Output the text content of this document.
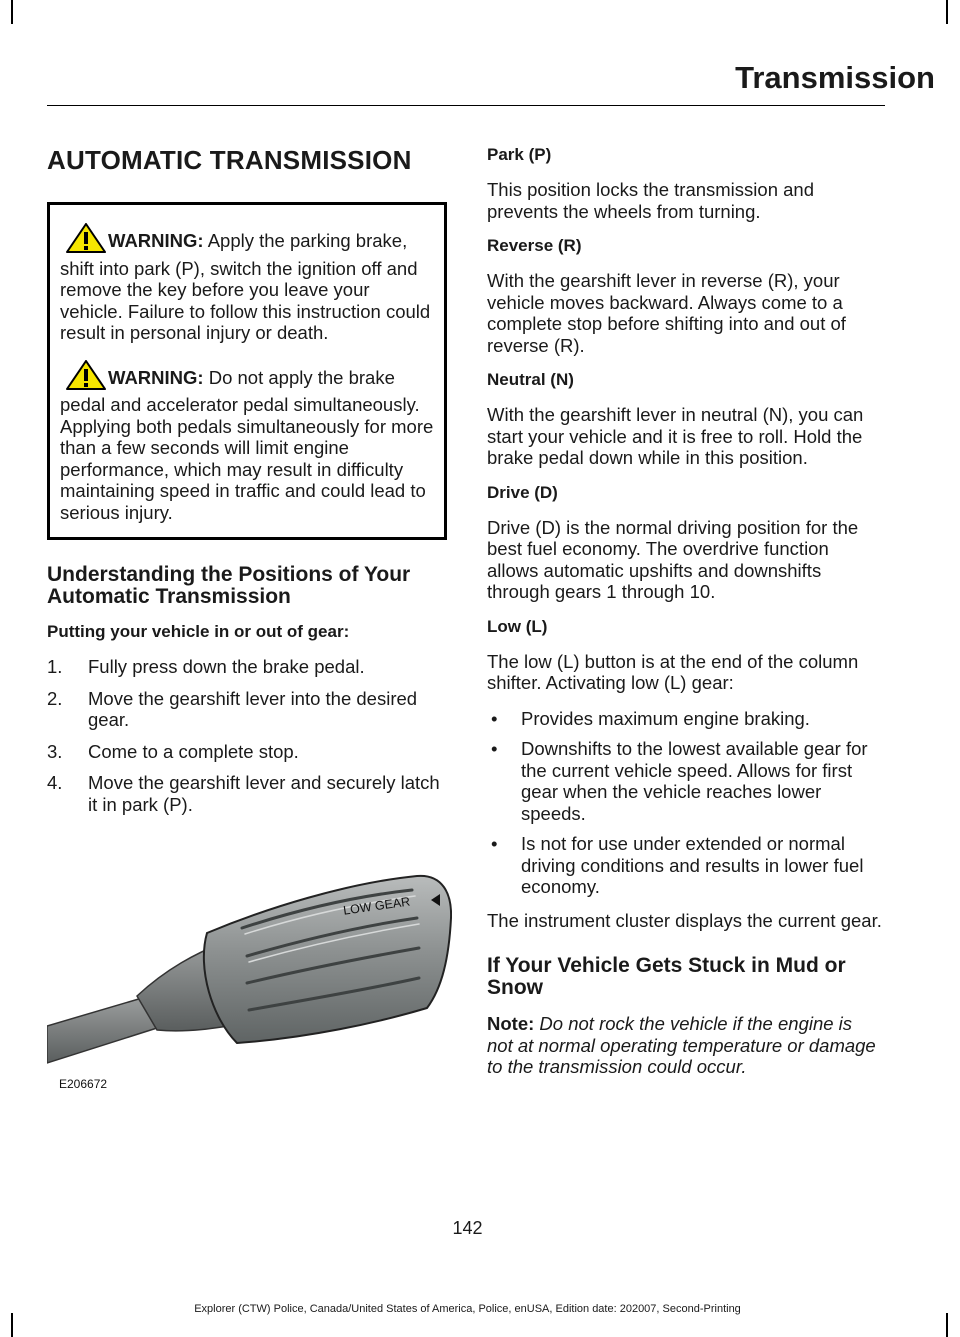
Transmission
AUTOMATIC TRANSMISSION

WARNING: Apply the parking brake, shift into park (P), switch the ignition off and remove the key before you leave your vehicle. Failure to follow this instruction could result in personal injury or death.

WARNING: Do not apply the brake pedal and accelerator pedal simultaneously. Applying both pedals simultaneously for more than a few seconds will limit engine performance, which may result in difficulty maintaining speed in traffic and could lead to serious injury.

Understanding the Positions of Your Automatic Transmission
Putting your vehicle in or out of gear:
1. Fully press down the brake pedal.
2. Move the gearshift lever into the desired gear.
3. Come to a complete stop.
4. Move the gearshift lever and securely latch it in park (P).
LOW GEAR
E206672
Park (P)

This position locks the transmission and prevents the wheels from turning.

Reverse (R)

With the gearshift lever in reverse (R), your vehicle moves backward. Always come to a complete stop before shifting into and out of reverse (R).

Neutral (N)

With the gearshift lever in neutral (N), you can start your vehicle and it is free to roll. Hold the brake pedal down while in this position.

Drive (D)

Drive (D) is the normal driving position for the best fuel economy. The overdrive function allows automatic upshifts and downshifts through gears 1 through 10.

Low (L)

The low (L) button is at the end of the column shifter. Activating low (L) gear:

• Provides maximum engine braking.
• Downshifts to the lowest available gear for the current vehicle speed. Allows for first gear when the vehicle reaches lower speeds.
• Is not for use under extended or normal driving conditions and results in lower fuel economy.

The instrument cluster displays the current gear.

If Your Vehicle Gets Stuck in Mud or Snow

Note: Do not rock the vehicle if the engine is not at normal operating temperature or damage to the transmission could occur.

142
Explorer (CTW) Police, Canada/United States of America, Police, enUSA, Edition date: 202007, Second-Printing
